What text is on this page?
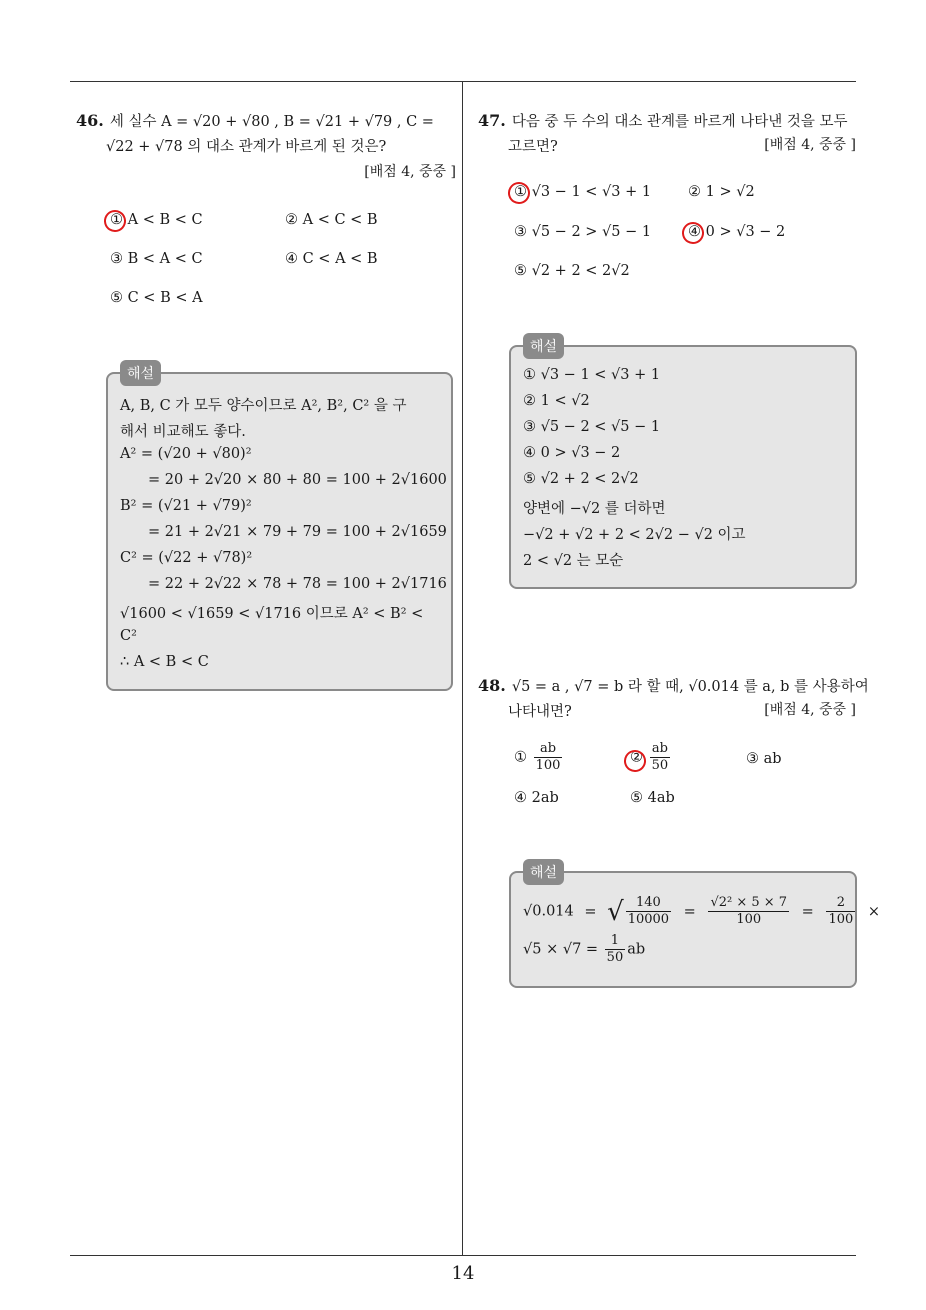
46. 세 실수 A = √20 + √80 , B = √21 + √79 , C =
√22 + √78 의 대소 관계가 바르게 된 것은?
[배점 4, 중중 ]
① A < B < C	② A < C < B
③ B < A < C	④ C < A < B
⑤ C < B < A
해설
A, B, C 가 모두 양수이므로 A², B², C² 을 구
해서 비교해도 좋다.
A² = (√20 + √80)²
= 20 + 2√20 × 80 + 80 = 100 + 2√1600
B² = (√21 + √79)²
= 21 + 2√21 × 79 + 79 = 100 + 2√1659
C² = (√22 + √78)²
= 22 + 2√22 × 78 + 78 = 100 + 2√1716
√1600 < √1659 < √1716 이므로 A² < B² <
C²
∴ A < B < C
47. 다음 중 두 수의 대소 관계를 바르게 나타낸 것을 모두
고르면?	[배점 4, 중중 ]
① √3 − 1 < √3 + 1	② 1 > √2
③ √5 − 2 > √5 − 1	④ 0 > √3 − 2
⑤ √2 + 2 < 2√2
해설
① √3 − 1 < √3 + 1
② 1 < √2
③ √5 − 2 < √5 − 1
④ 0 > √3 − 2
⑤ √2 + 2 < 2√2
양변에 −√2 를 더하면
−√2 + √2 + 2 < 2√2 − √2 이고
2 < √2 는 모순
48. √5 = a , √7 = b 라 할 때, √0.014 를 a, b 를 사용하여
나타내면?	[배점 4, 중중 ]
① $\frac{ab}{100}$	② $\frac{ab}{50}$	③ ab
④ 2ab	⑤ 4ab
해설
√0.014 = √ $\frac{140}{10000} = \frac{\text{√2² × 5 × 7}}{100} = \frac{2}{100}$ ×
$√5 \times √7 = \frac{1}{50}$ ab
14
